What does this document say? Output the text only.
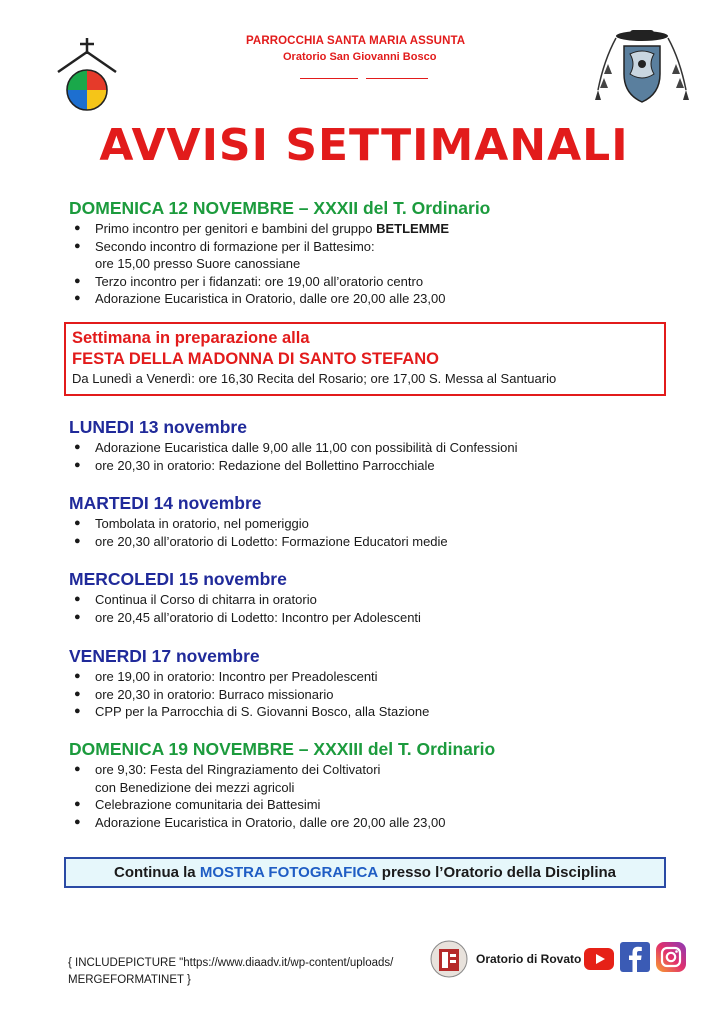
PARROCCHIA SANTA MARIA ASSUNTA
Oratorio San Giovanni Bosco
AVVISI SETTIMANALI
DOMENICA 12 NOVEMBRE – XXXII del T. Ordinario
● Primo incontro per genitori e bambini del gruppo BETLEMME
● Secondo incontro di formazione per il Battesimo:
ore 15,00 presso Suore canossiane
● Terzo incontro per i fidanzati: ore 19,00 all’oratorio centro
● Adorazione Eucaristica in Oratorio, dalle ore 20,00 alle 23,00
Settimana in preparazione alla
FESTA DELLA MADONNA DI SANTO STEFANO
Da Lunedì a Venerdì: ore 16,30 Recita del Rosario; ore 17,00 S. Messa al Santuario
LUNEDI 13 novembre
● Adorazione Eucaristica dalle 9,00 alle 11,00 con possibilità di Confessioni
● ore 20,30 in oratorio: Redazione del Bollettino Parrocchiale
MARTEDI 14 novembre
● Tombolata in oratorio, nel pomeriggio
● ore 20,30 all’oratorio di Lodetto: Formazione Educatori medie
MERCOLEDI 15 novembre
● Continua il Corso di chitarra in oratorio
● ore 20,45 all’oratorio di Lodetto: Incontro per Adolescenti
VENERDI 17 novembre
● ore 19,00 in oratorio: Incontro per Preadolescenti
● ore 20,30 in oratorio: Burraco missionario
● CPP per la Parrocchia di S. Giovanni Bosco, alla Stazione
DOMENICA 19 NOVEMBRE – XXXIII del T. Ordinario
● ore 9,30: Festa del Ringraziamento dei Coltivatori
con Benedizione dei mezzi agricoli
● Celebrazione comunitaria dei Battesimi
● Adorazione Eucaristica in Oratorio, dalle ore 20,00 alle 23,00
Continua la MOSTRA FOTOGRAFICA presso l’Oratorio della Disciplina
{ INCLUDEPICTURE "https://www.diaadv.it/wp-content/uploads/
MERGEFORMATINET }
Oratorio di Rovato
